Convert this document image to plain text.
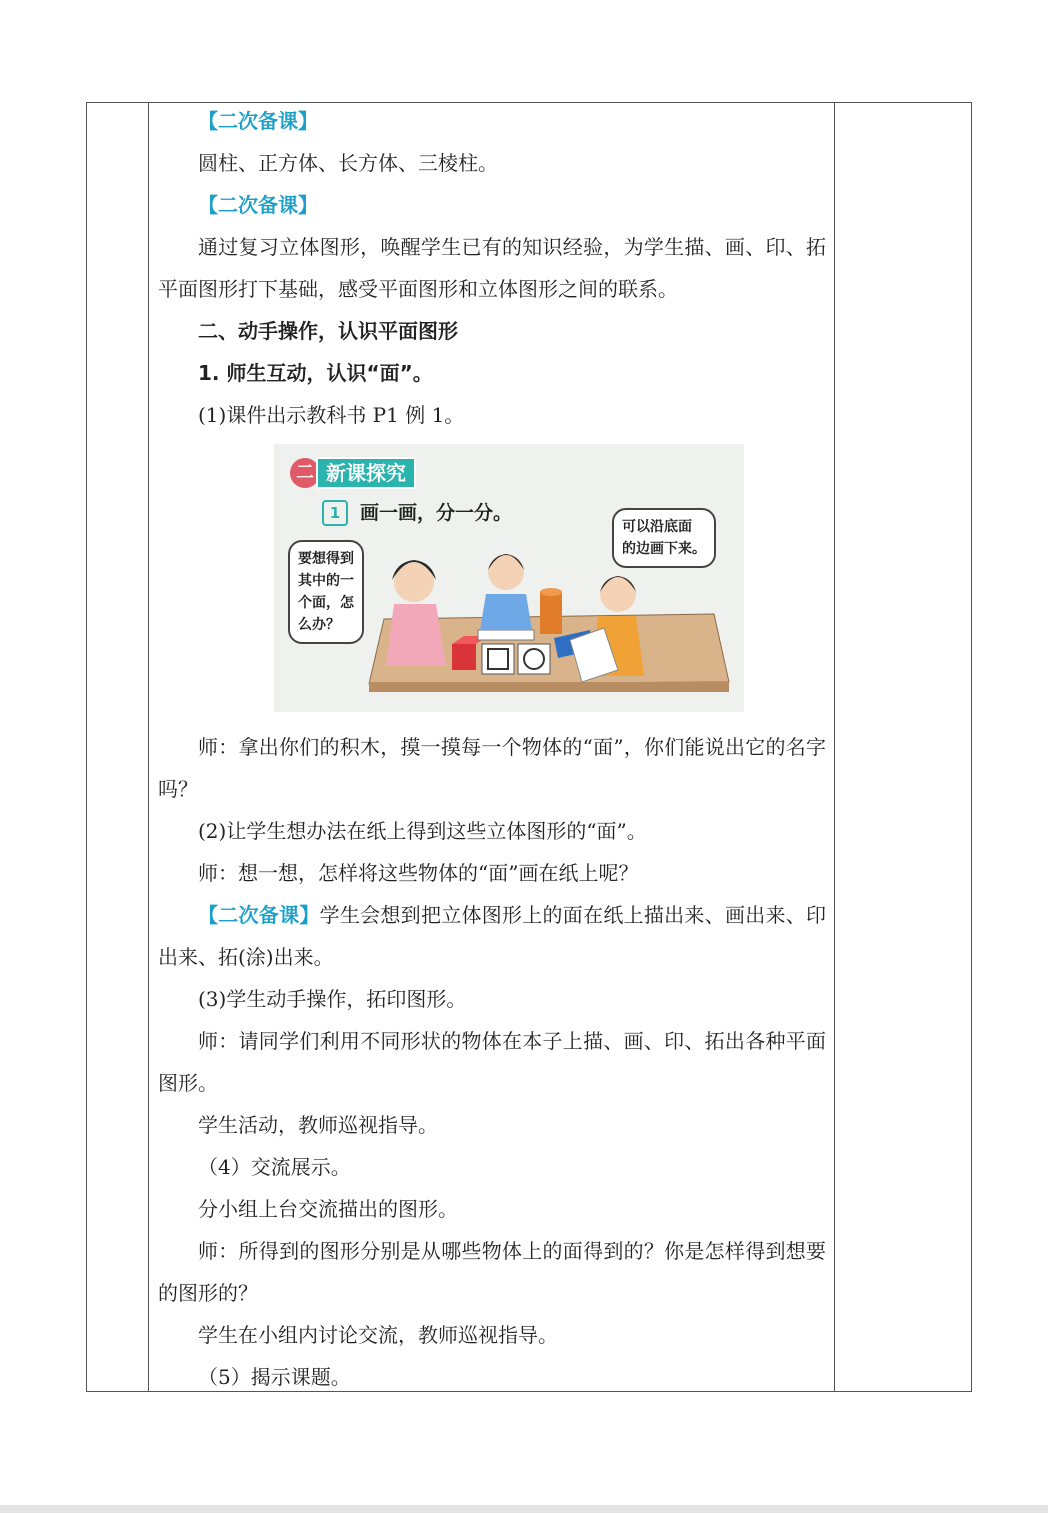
【二次备课】

圆柱、正方体、长方体、三棱柱。

【二次备课】

通过复习立体图形，唤醒学生已有的知识经验，为学生描、画、印、拓平面图形打下基础，感受平面图形和立体图形之间的联系。

二、动手操作，认识平面图形

1. 师生互动，认识“面”。

(1)课件出示教科书 P1 例 1。

二 新课探究
1	画一画，分一分。
要想得到
其中的一
个面，怎
么办？
可以沿底面
的边画下来。

师：拿出你们的积木，摸一摸每一个物体的“面”，你们能说出它的名字吗？

(2)让学生想办法在纸上得到这些立体图形的“面”。

师：想一想，怎样将这些物体的“面”画在纸上呢？

【二次备课】学生会想到把立体图形上的面在纸上描出来、画出来、印出来、拓(涂)出来。

(3)学生动手操作，拓印图形。

师：请同学们利用不同形状的物体在本子上描、画、印、拓出各种平面图形。

学生活动，教师巡视指导。

（4）交流展示。

分小组上台交流描出的图形。

师：所得到的图形分别是从哪些物体上的面得到的？你是怎样得到想要的图形的？

学生在小组内讨论交流，教师巡视指导。

（5）揭示课题。
